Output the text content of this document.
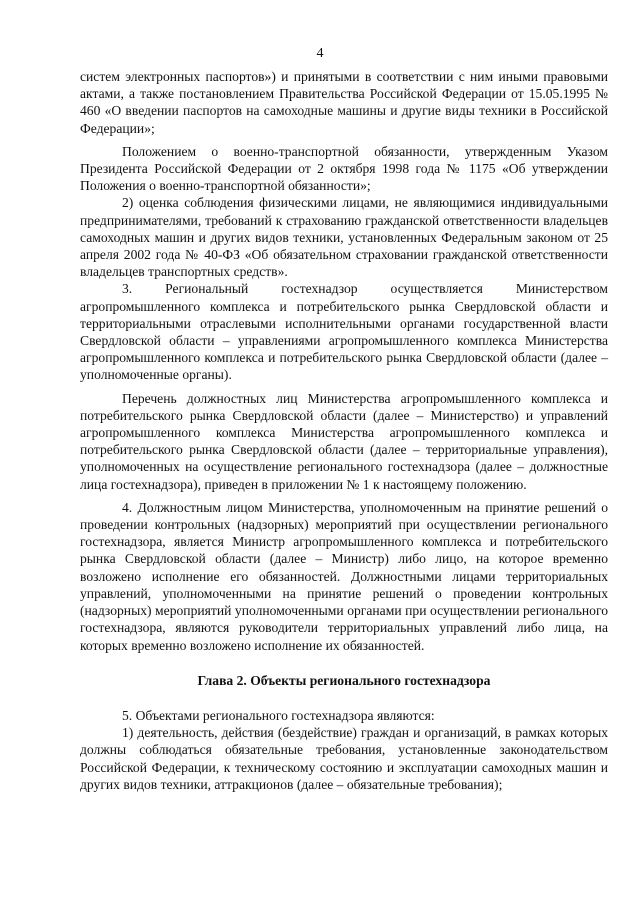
4

систем электронных паспортов») и принятыми в соответствии с ним иными правовыми актами, а также постановлением Правительства Российской Федерации от 15.05.1995 № 460 «О введении паспортов на самоходные машины и другие виды техники в Российской Федерации»;

Положением о военно-транспортной обязанности, утвержденным Указом Президента Российской Федерации от 2 октября 1998 года № 1175 «Об утверждении Положения о военно-транспортной обязанности»;

2) оценка соблюдения физическими лицами, не являющимися индивидуальными предпринимателями, требований к страхованию гражданской ответственности владельцев самоходных машин и других видов техники, установленных Федеральным законом от 25 апреля 2002 года № 40-ФЗ «Об обязательном страховании гражданской ответственности владельцев транспортных средств».

3. Региональный гостехнадзор осуществляется Министерством агропромышленного комплекса и потребительского рынка Свердловской области и территориальными отраслевыми исполнительными органами государственной власти Свердловской области – управлениями агропромышленного комплекса Министерства агропромышленного комплекса и потребительского рынка Свердловской области (далее – уполномоченные органы).

Перечень должностных лиц Министерства агропромышленного комплекса и потребительского рынка Свердловской области (далее – Министерство) и управлений агропромышленного комплекса Министерства агропромышленного комплекса и потребительского рынка Свердловской области (далее – территориальные управления), уполномоченных на осуществление регионального гостехнадзора (далее – должностные лица гостехнадзора), приведен в приложении № 1 к настоящему положению.

4. Должностным лицом Министерства, уполномоченным на принятие решений о проведении контрольных (надзорных) мероприятий при осуществлении регионального гостехнадзора, является Министр агропромышленного комплекса и потребительского рынка Свердловской области (далее – Министр) либо лицо, на которое временно возложено исполнение его обязанностей. Должностными лицами территориальных управлений, уполномоченными на принятие решений о проведении контрольных (надзорных) мероприятий уполномоченными органами при осуществлении регионального гостехнадзора, являются руководители территориальных управлений либо лица, на которых временно возложено исполнение их обязанностей.

Глава 2. Объекты регионального гостехнадзора

5. Объектами регионального гостехнадзора являются:

1) деятельность, действия (бездействие) граждан и организаций, в рамках которых должны соблюдаться обязательные требования, установленные законодательством Российской Федерации, к техническому состоянию и эксплуатации самоходных машин и других видов техники, аттракционов (далее – обязательные требования);
